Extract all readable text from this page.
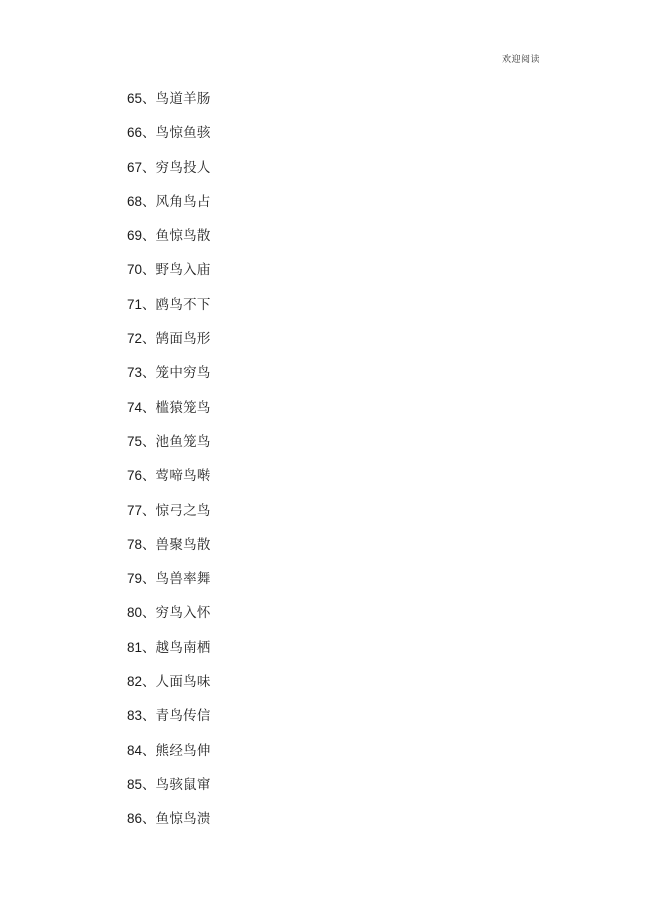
欢迎阅读
65、鸟道羊肠
66、鸟惊鱼骇
67、穷鸟投人
68、风角鸟占
69、鱼惊鸟散
70、野鸟入庙
71、鸥鸟不下
72、鹄面鸟形
73、笼中穷鸟
74、槛猿笼鸟
75、池鱼笼鸟
76、莺啼鸟啭
77、惊弓之鸟
78、兽聚鸟散
79、鸟兽率舞
80、穷鸟入怀
81、越鸟南栖
82、人面鸟味
83、青鸟传信
84、熊经鸟伸
85、鸟骇鼠窜
86、鱼惊鸟溃
